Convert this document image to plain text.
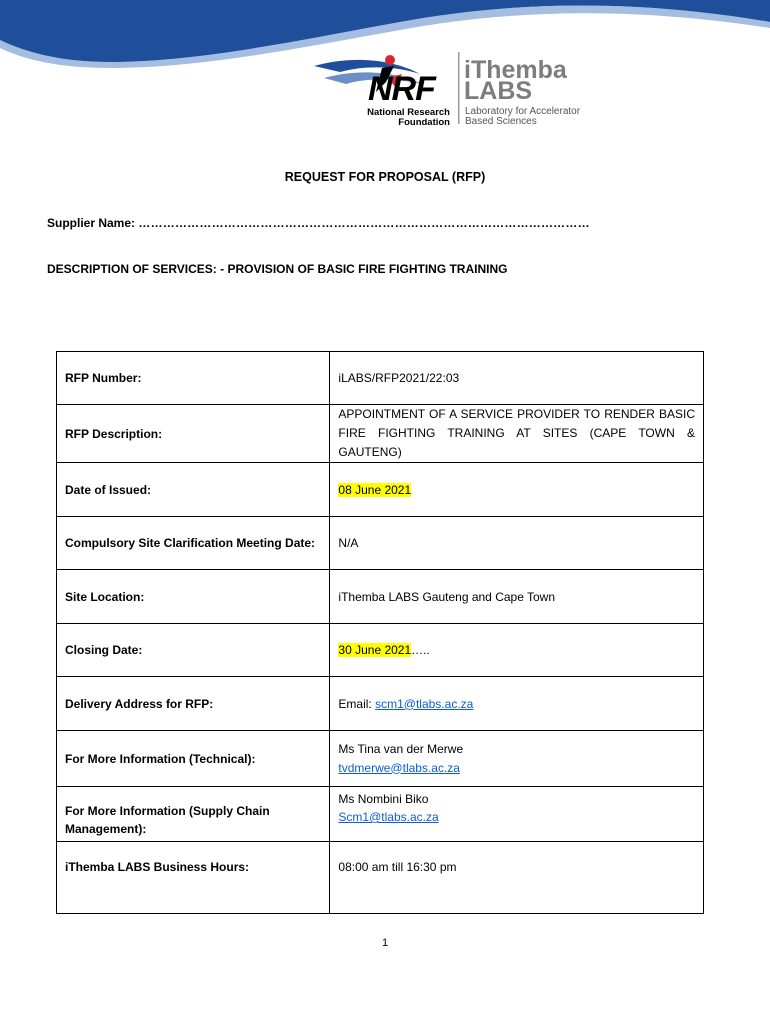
NRF
National Research
Foundation
iThemba
LABS
Laboratory for Accelerator
Based Sciences
REQUEST FOR PROPOSAL (RFP)
Supplier Name: …………………………………………………………………………………………………
DESCRIPTION OF SERVICES: - PROVISION OF BASIC FIRE FIGHTING TRAINING
RFP Number:	iLABS/RFP2021/22:03
RFP Description:	APPOINTMENT OF A SERVICE PROVIDER TO RENDER BASIC FIRE FIGHTING TRAINING AT SITES (CAPE TOWN & GAUTENG)
Date of Issued:	08 June 2021
Compulsory Site Clarification Meeting Date:	N/A
Site Location:	iThemba LABS Gauteng and Cape Town
Closing Date:	30 June 2021…..
Delivery Address for RFP:	Email: scm1@tlabs.ac.za
For More Information (Technical):	Ms Tina van der Merwe
tvdmerwe@tlabs.ac.za

For More Information (Supply Chain Management):	Ms Nombini Biko
Scm1@tlabs.ac.za

iThemba LABS Business Hours:	08:00 am till 16:30 pm
1
